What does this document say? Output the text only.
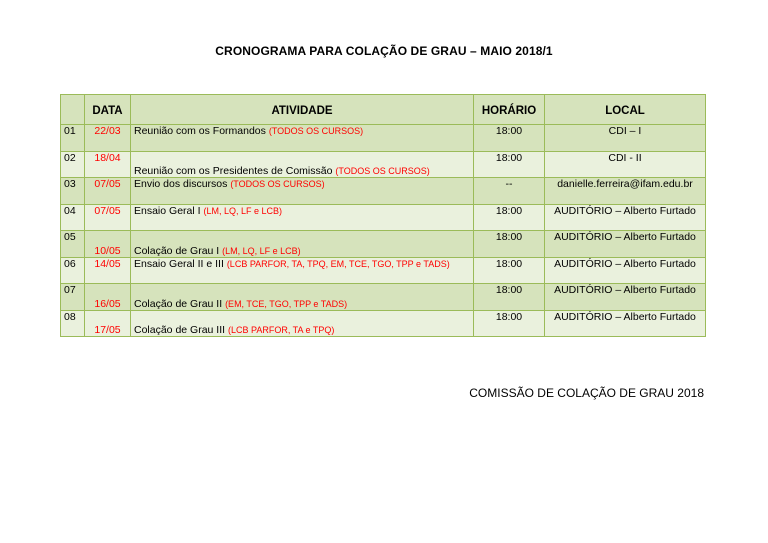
CRONOGRAMA PARA COLAÇÃO DE GRAU – MAIO 2018/1
	DATA	ATIVIDADE	HORÁRIO	LOCAL
01	22/03	Reunião com os Formandos (TODOS OS CURSOS)	18:00	CDI – I
02	18/04	Reunião com os Presidentes de Comissão (TODOS OS CURSOS)	18:00	CDI - II
03	07/05	Envio dos discursos (TODOS OS CURSOS)	--	danielle.ferreira@ifam.edu.br
04	07/05	Ensaio Geral I (LM, LQ, LF e LCB)	18:00	AUDITÓRIO – Alberto Furtado
05	10/05	Colação de Grau I (LM, LQ, LF e LCB)	18:00	AUDITÓRIO – Alberto Furtado
06	14/05	Ensaio Geral II e III (LCB PARFOR, TA, TPQ, EM, TCE, TGO, TPP e TADS)	18:00	AUDITÓRIO – Alberto Furtado
07	16/05	Colação de Grau II (EM, TCE, TGO, TPP e TADS)	18:00	AUDITÓRIO – Alberto Furtado
08	17/05	Colação de Grau III (LCB PARFOR, TA e TPQ)	18:00	AUDITÓRIO – Alberto Furtado
COMISSÃO DE COLAÇÃO DE GRAU 2018
